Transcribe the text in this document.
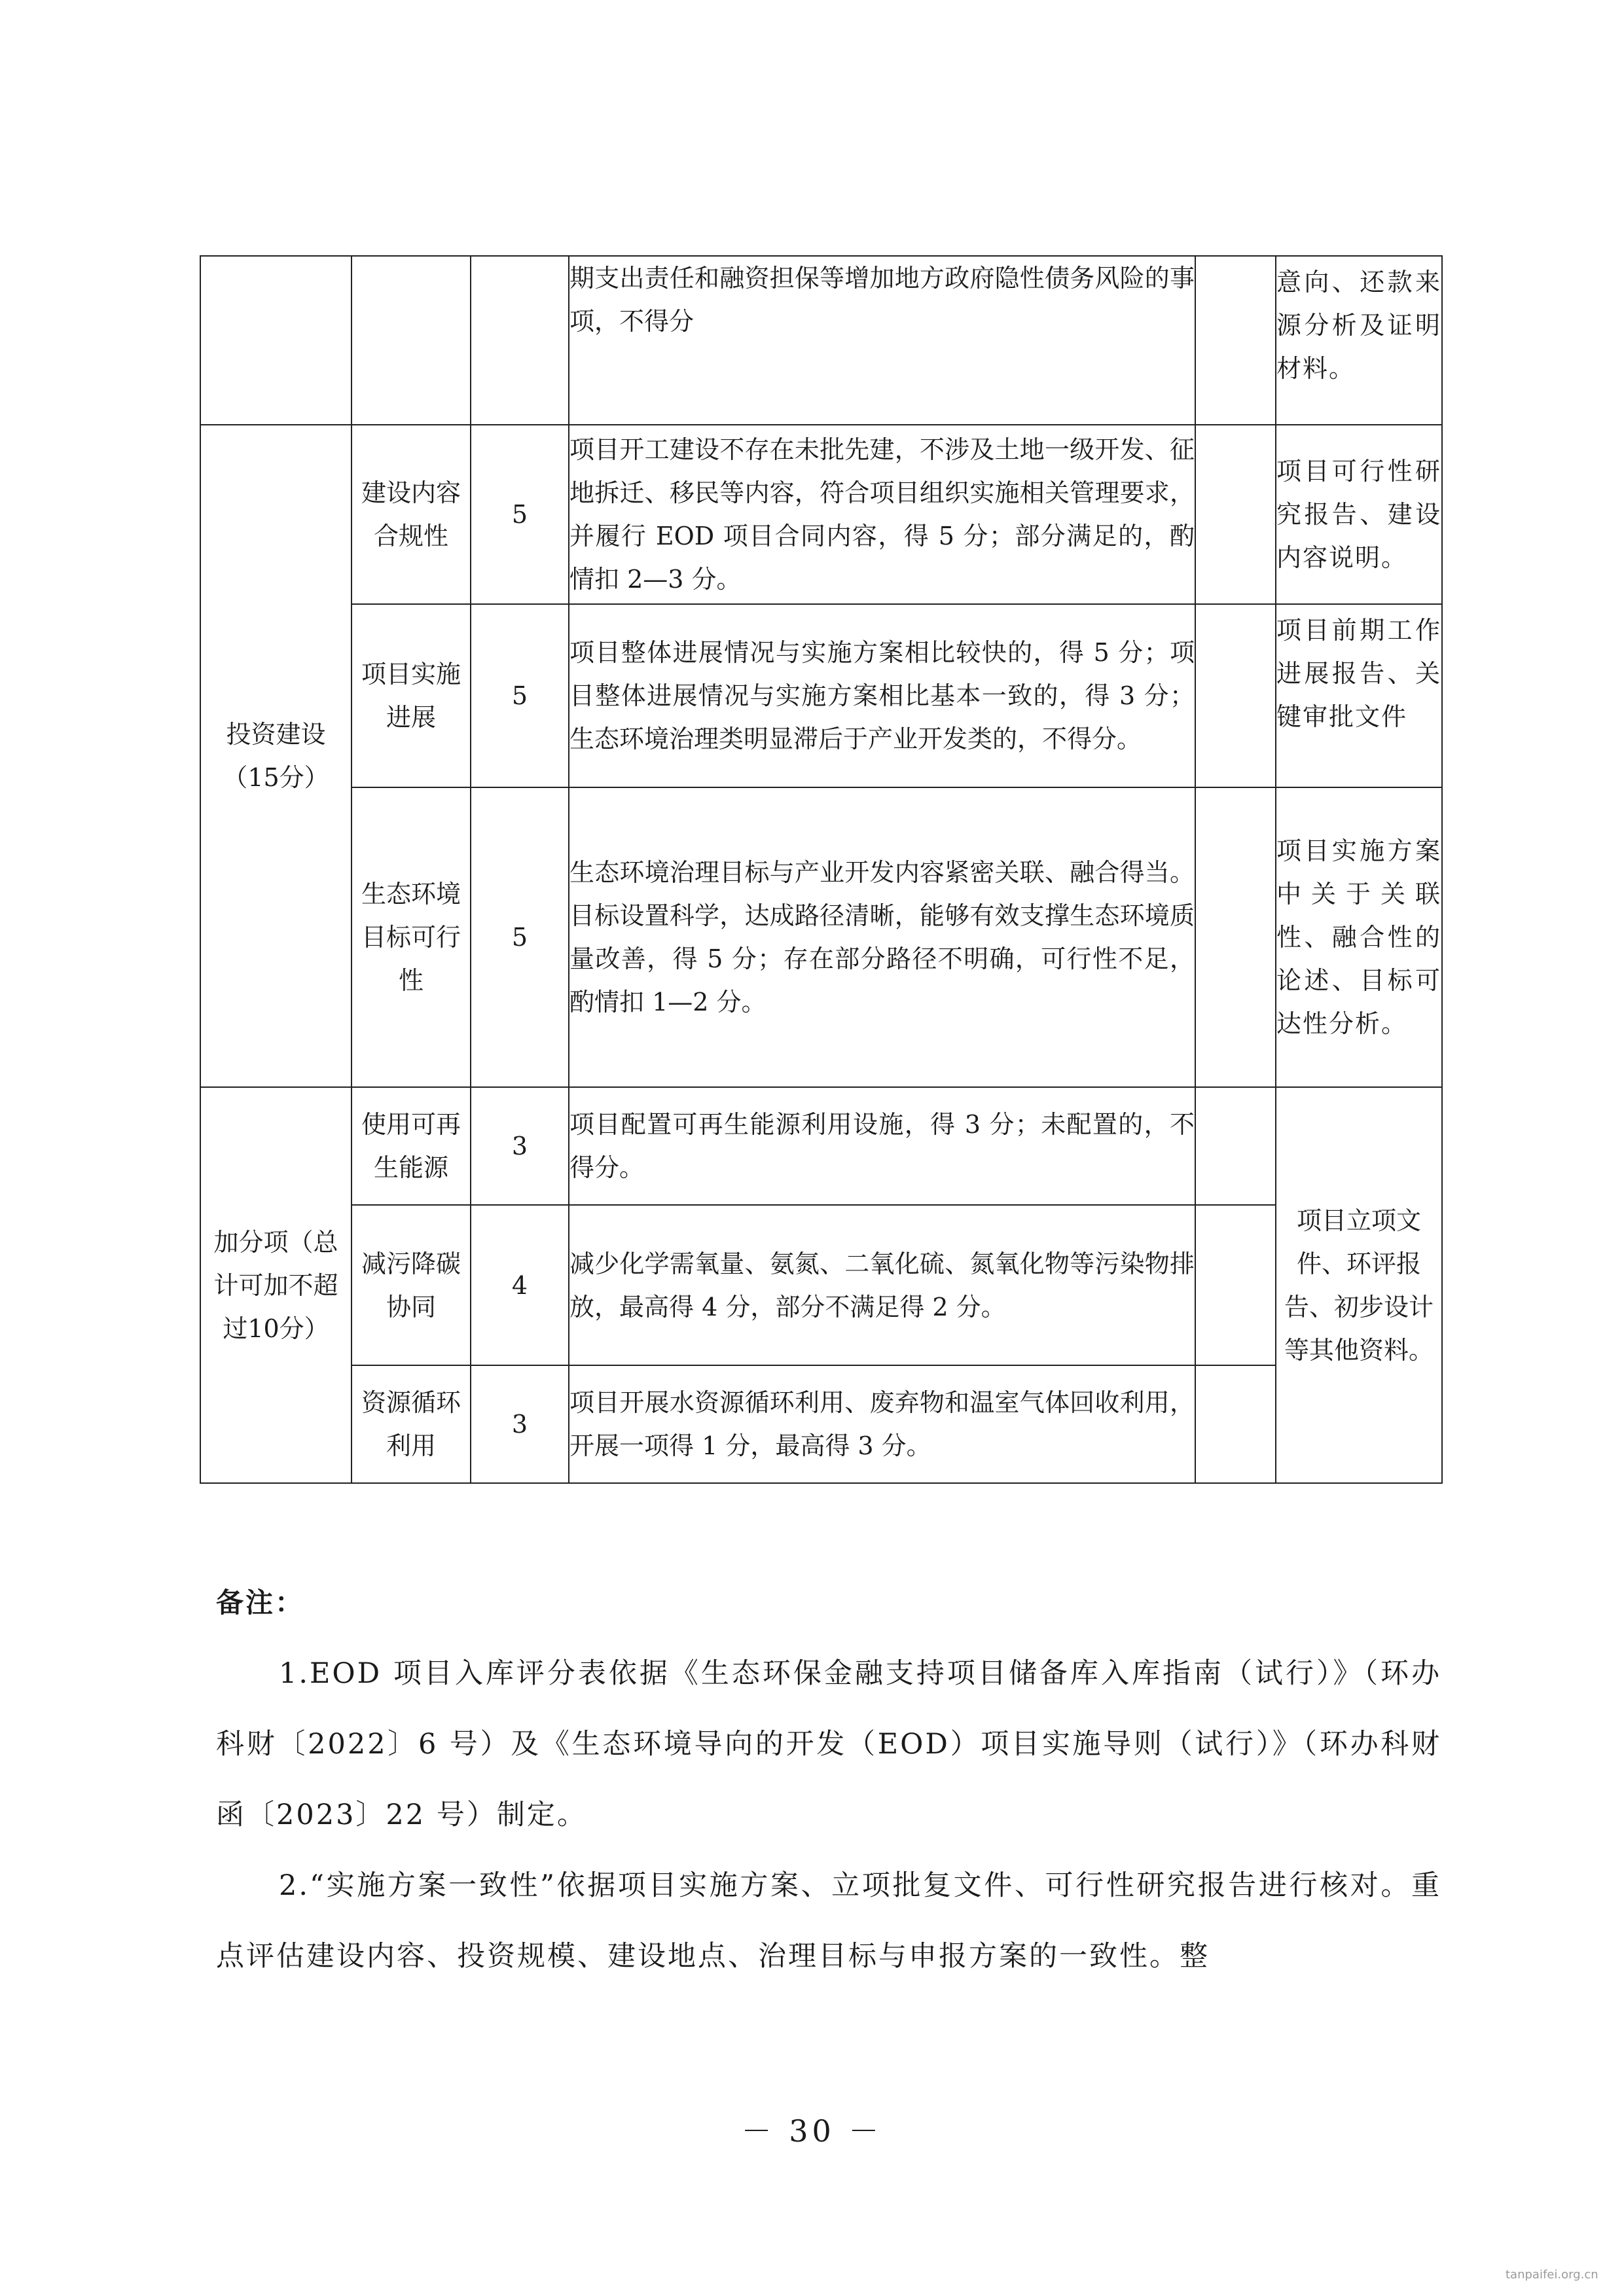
			期支出责任和融资担保等增加地方政府隐性债务风险的事项，不得分		意向、还款来源分析及证明材料。

投资建设（15分）	建设内容合规性	5	项目开工建设不存在未批先建，不涉及土地一级开发、征地拆迁、移民等内容，符合项目组织实施相关管理要求，并履行 EOD 项目合同内容，得 5 分；部分满足的，酌情扣 2—3 分。		项目可行性研究报告、建设内容说明。

	项目实施进展	5	项目整体进展情况与实施方案相比较快的，得 5 分；项目整体进展情况与实施方案相比基本一致的，得 3 分；生态环境治理类明显滞后于产业开发类的，不得分。		项目前期工作进展报告、关键审批文件

	生态环境目标可行性	5	生态环境治理目标与产业开发内容紧密关联、融合得当。目标设置科学，达成路径清晰，能够有效支撑生态环境质量改善，得 5 分；存在部分路径不明确，可行性不足，酌情扣 1—2 分。		项目实施方案中关于关联性、融合性的论述、目标可达性分析。

加分项（总计可加不超过10分）	使用可再生能源	3	项目配置可再生能源利用设施，得 3 分；未配置的，不得分。		项目立项文件、环评报告、初步设计等其他资料。

	减污降碳协同	4	减少化学需氧量、氨氮、二氧化硫、氮氧化物等污染物排放，最高得 4 分，部分不满足得 2 分。		

	资源循环利用	3	项目开展水资源循环利用、废弃物和温室气体回收利用，开展一项得 1 分，最高得 3 分。		

备注：

1.EOD 项目入库评分表依据《生态环保金融支持项目储备库入库指南（试行）》（环办科财〔2022〕6 号）及《生态环境导向的开发（EOD）项目实施导则（试行）》（环办科财函〔2023〕22 号）制定。

2.“实施方案一致性”依据项目实施方案、立项批复文件、可行性研究报告进行核对。重点评估建设内容、投资规模、建设地点、治理目标与申报方案的一致性。整

－ 30 －
tanpaifei.org.cn
